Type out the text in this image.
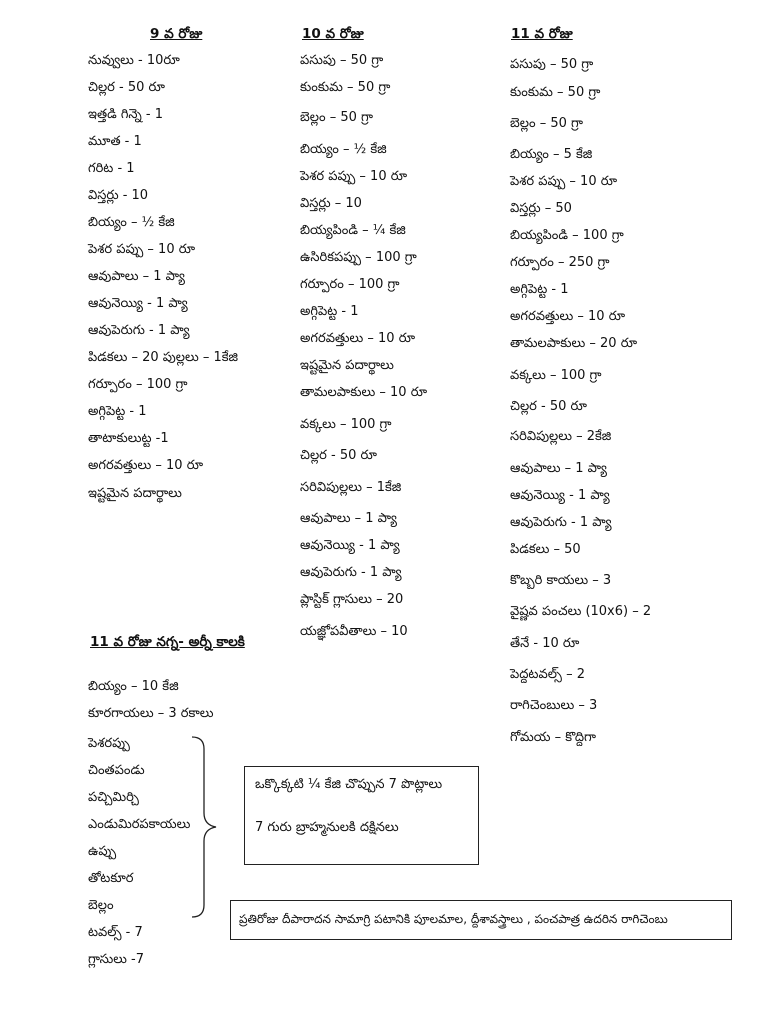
9 వ రోజు	10 వ రోజు	11 వ రోజు
నువ్వులు - 10రూ
చిల్లర - 50 రూ
ఇత్తడి గిన్నె - 1
మూత - 1
గరిట - 1
విస్తర్లు - 10
బియ్యం – ½ కేజి
పెశర పప్పు – 10 రూ
ఆవుపాలు – 1 ప్యా
ఆవునెయ్యి - 1 ప్యా
ఆవుపెరుగు - 1 ప్యా
పిడకలు – 20 పుల్లలు – 1కేజి
గర్పూరం – 100 గ్రా
అగ్గిపెట్ట - 1
తాటాకులుట్ట -1
అగరవత్తులు – 10 రూ
ఇష్టమైన పదార్థాలు
పసుపు – 50 గ్రా
కుంకుమ – 50 గ్రా
బెల్లం – 50 గ్రా
బియ్యం – ½ కేజి
పెశర పప్పు – 10 రూ
విస్తర్లు – 10
బియ్యపిండి – ¼ కేజి
ఉసిరికపప్పు – 100 గ్రా
గర్పూరం – 100 గ్రా
అగ్గిపెట్ట - 1
అగరవత్తులు – 10 రూ
ఇష్టమైన పదార్థాలు
తామలపాకులు – 10 రూ
వక్కలు – 100 గ్రా
చిల్లర - 50 రూ
సరివిపుల్లలు – 1కేజి
ఆవుపాలు – 1 ప్యా
ఆవునెయ్యి - 1 ప్యా
ఆవుపెరుగు - 1 ప్యా
ప్లాస్టిక్ గ్లాసులు – 20
యజ్ఞోపవీతాలు – 10
పసుపు – 50 గ్రా
కుంకుమ – 50 గ్రా
బెల్లం – 50 గ్రా
బియ్యం – 5 కేజి
పెశర పప్పు – 10 రూ
విస్తర్లు – 50
బియ్యపిండి – 100 గ్రా
గర్పూరం – 250 గ్రా
అగ్గిపెట్ట - 1
అగరవత్తులు – 10 రూ
తామలపాకులు – 20 రూ
వక్కలు – 100 గ్రా
చిల్లర - 50 రూ
సరివిపుల్లలు – 2కేజి
ఆవుపాలు – 1 ప్యా
ఆవునెయ్యి - 1 ప్యా
ఆవుపెరుగు - 1 ప్యా
పిడకలు – 50
కొబ్బరి కాయలు – 3
వైష్ణవ పంచలు (10x6) – 2
తేనే - 10 రూ
పెద్దటవల్స్ – 2
రాగిచెంబులు – 3
గోమయ – కొద్దిగా
11 వ రోజు నగ్న- అర్నీ కాలకి
బియ్యం – 10 కేజి
కూరగాయలు – 3 రకాలు
పెశరప్పు
చింతపండు
పచ్చిమిర్చి
ఎండుమిరపకాయలు
ఉప్పు
తోటకూర
బెల్లం
టవల్స్ - 7
గ్లాసులు -7
ఒక్కొక్కటి ¼ కేజి చొప్పున 7 పొట్లాలు
7 గురు బ్రాహ్మనులకి దక్షినలు
ప్రతిరోజు దీపారాదన సామాగ్రి పటానికి పూలమాల, ద్దీశావస్త్రాలు , పంచపాత్ర ఉదరిన రాగిచెంబు
